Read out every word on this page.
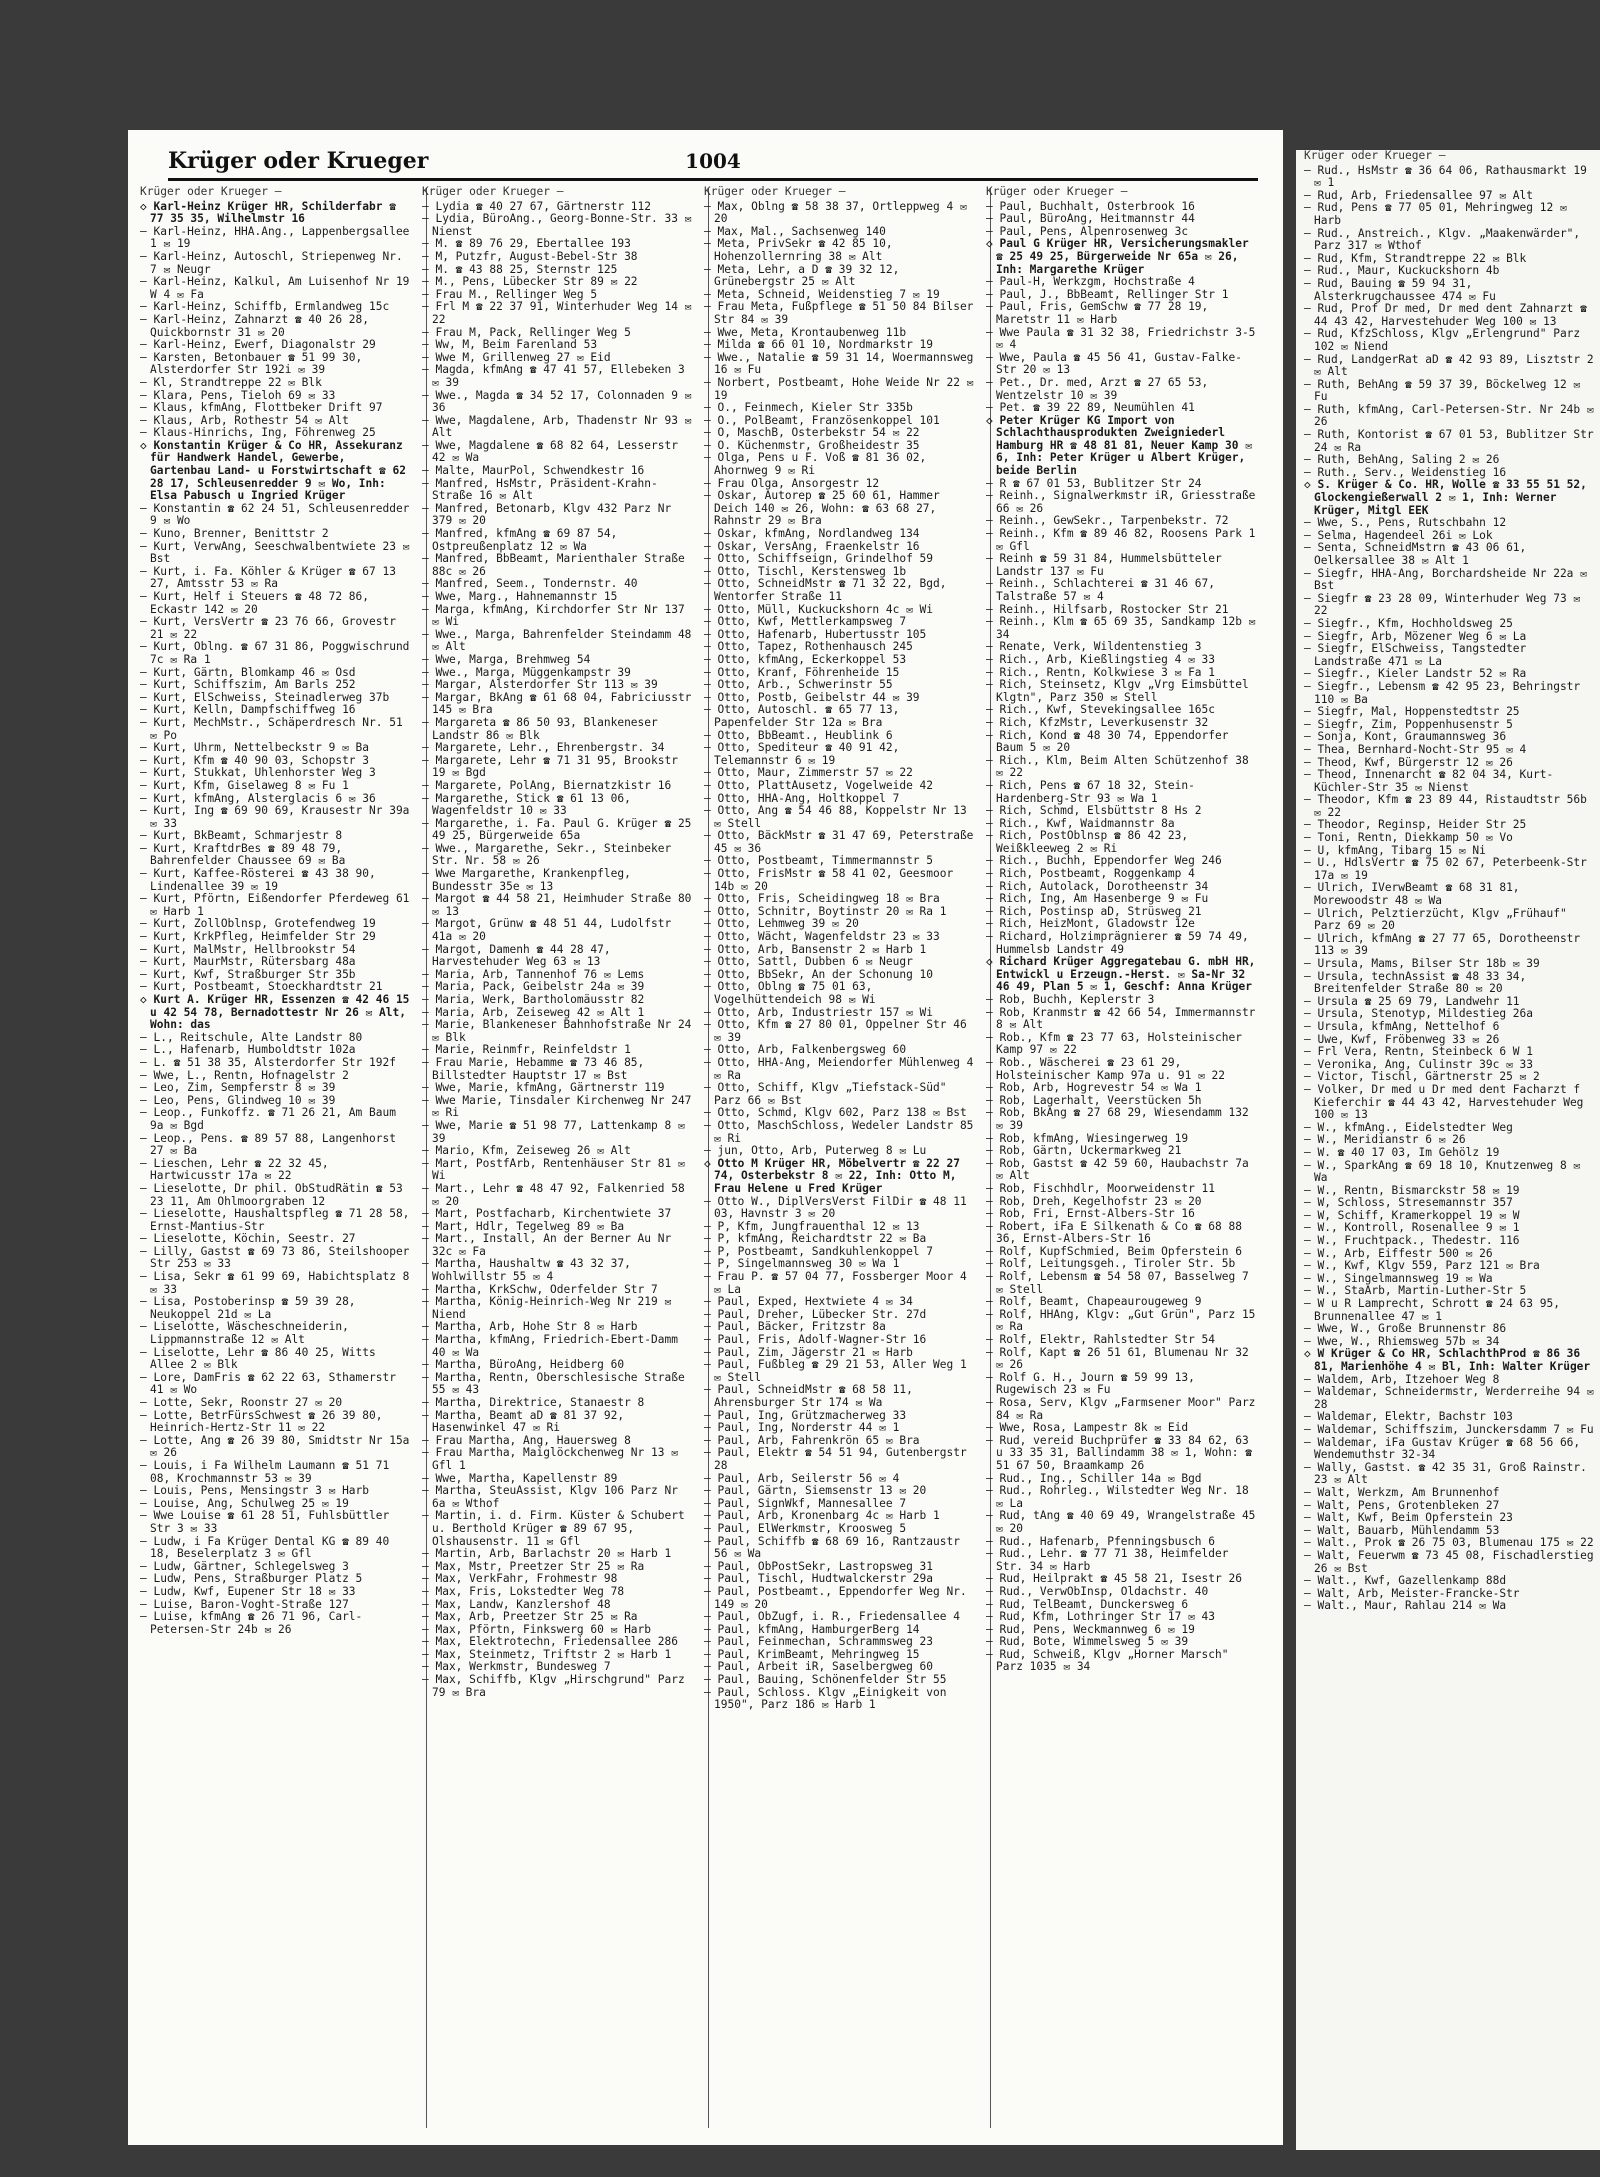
Krüger oder Krueger	1004
Krüger oder Krueger —

◇ Karl-Heinz Krüger HR, Schilderfabr ☎ 77 35 35, Wilhelmstr 16

— Karl-Heinz, HHA.Ang., Lappenbergsallee 1 ✉ 19

— Karl-Heinz, Autoschl, Striepenweg Nr. 7 ✉ Neugr

— Karl-Heinz, Kalkul, Am Luisenhof Nr 19 W 4 ✉ Fa

— Karl-Heinz, Schiffb, Ermlandweg 15c

— Karl-Heinz, Zahnarzt ☎ 40 26 28, Quickbornstr 31 ✉ 20

— Karl-Heinz, Ewerf, Diagonalstr 29

— Karsten, Betonbauer ☎ 51 99 30, Alsterdorfer Str 192i ✉ 39

— Kl, Strandtreppe 22 ✉ Blk

— Klara, Pens, Tieloh 69 ✉ 33

— Klaus, kfmAng, Flottbeker Drift 97

— Klaus, Arb, Rothestr 54 ✉ Alt

— Klaus-Hinrichs, Ing, Föhrenweg 25

◇ Konstantin Krüger & Co HR, Assekuranz für Handwerk Handel, Gewerbe, Gartenbau Land- u Forstwirtschaft ☎ 62 28 17, Schleusenredder 9 ✉ Wo, Inh: Elsa Pabusch u Ingried Krüger

— Konstantin ☎ 62 24 51, Schleusenredder 9 ✉ Wo

— Kuno, Brenner, Benittstr 2

— Kurt, VerwAng, Seeschwalbentwiete 23 ✉ Bst

— Kurt, i. Fa. Köhler & Krüger ☎ 67 13 27, Amtsstr 53 ✉ Ra

— Kurt, Helf i Steuers ☎ 48 72 86, Eckastr 142 ✉ 20

— Kurt, VersVertr ☎ 23 76 66, Grovestr 21 ✉ 22

— Kurt, Oblng. ☎ 67 31 86, Poggwischrund 7c ✉ Ra 1

— Kurt, Gärtn, Blomkamp 46 ✉ Osd

— Kurt, Schiffszim, Am Barls 252

— Kurt, ElSchweiss, Steinadlerweg 37b

— Kurt, Kelln, Dampfschiffweg 16

— Kurt, MechMstr., Schäperdresch Nr. 51 ✉ Po

— Kurt, Uhrm, Nettelbeckstr 9 ✉ Ba

— Kurt, Kfm ☎ 40 90 03, Schopstr 3

— Kurt, Stukkat, Uhlenhorster Weg 3

— Kurt, Kfm, Giselaweg 8 ✉ Fu 1

— Kurt, kfmAng, Alsterglacis 6 ✉ 36

— Kurt, Ing ☎ 69 90 69, Krausestr Nr 39a ✉ 33

— Kurt, BkBeamt, Schmarjestr 8

— Kurt, KraftdrBes ☎ 89 48 79, Bahrenfelder Chaussee 69 ✉ Ba

— Kurt, Kaffee-Rösterei ☎ 43 38 90, Lindenallee 39 ✉ 19

— Kurt, Pförtn, Eißendorfer Pferdeweg 61 ✉ Harb 1

— Kurt, ZollOblnsp, Grotefendweg 19

— Kurt, KrkPfleg, Heimfelder Str 29

— Kurt, MalMstr, Hellbrookstr 54

— Kurt, MaurMstr, Rütersbarg 48a

— Kurt, Kwf, Straßburger Str 35b

— Kurt, Postbeamt, Stoeckhardtstr 21

◇ Kurt A. Krüger HR, Essenzen ☎ 42 46 15 u 42 54 78, Bernadottestr Nr 26 ✉ Alt, Wohn: das

— L., Reitschule, Alte Landstr 80

— L., Hafenarb, Humboldtstr 102a

— L. ☎ 51 38 35, Alsterdorfer Str 192f

— Wwe, L., Rentn, Hofnagelstr 2

— Leo, Zim, Sempferstr 8 ✉ 39

— Leo, Pens, Glindweg 10 ✉ 39

— Leop., Funkoffz. ☎ 71 26 21, Am Baum 9a ✉ Bgd

— Leop., Pens. ☎ 89 57 88, Langenhorst 27 ✉ Ba

— Lieschen, Lehr ☎ 22 32 45, Hartwicusstr 17a ✉ 22

— Lieselotte, Dr phil. ObStudRätin ☎ 53 23 11, Am Ohlmoorgraben 12

— Lieselotte, Haushaltspfleg ☎ 71 28 58, Ernst-Mantius-Str

— Lieselotte, Köchin, Seestr. 27

— Lilly, Gastst ☎ 69 73 86, Steilshooper Str 253 ✉ 33

— Lisa, Sekr ☎ 61 99 69, Habichtsplatz 8 ✉ 33

— Lisa, Postoberinsp ☎ 59 39 28, Neukoppel 21d ✉ La

— Liselotte, Wäscheschneiderin, Lippmannstraße 12 ✉ Alt

— Liselotte, Lehr ☎ 86 40 25, Witts Allee 2 ✉ Blk

— Lore, DamFris ☎ 62 22 63, Sthamerstr 41 ✉ Wo

— Lotte, Sekr, Roonstr 27 ✉ 20

— Lotte, BetrFürsSchwest ☎ 26 39 80, Heinrich-Hertz-Str 11 ✉ 22

— Lotte, Ang ☎ 26 39 80, Smidtstr Nr 15a ✉ 26

— Louis, i Fa Wilhelm Laumann ☎ 51 71 08, Krochmannstr 53 ✉ 39

— Louis, Pens, Mensingstr 3 ✉ Harb

— Louise, Ang, Schulweg 25 ✉ 19

— Wwe Louise ☎ 61 28 51, Fuhlsbüttler Str 3 ✉ 33

— Ludw, i Fa Krüger Dental KG ☎ 89 40 18, Beselerplatz 3 ✉ Gfl

— Ludw, Gärtner, Schlegelsweg 3

— Ludw, Pens, Straßburger Platz 5

— Ludw, Kwf, Eupener Str 18 ✉ 33

— Luise, Baron-Voght-Straße 127

— Luise, kfmAng ☎ 26 71 96, Carl-Petersen-Str 24b ✉ 26

Krüger oder Krueger —

— Lydia ☎ 40 27 67, Gärtnerstr 112

— Lydia, BüroAng., Georg-Bonne-Str. 33 ✉ Nienst

— M. ☎ 89 76 29, Ebertallee 193

— M, Putzfr, August-Bebel-Str 38

— M. ☎ 43 88 25, Sternstr 125

— M., Pens, Lübecker Str 89 ✉ 22

— Frau M., Rellinger Weg 5

— Frl M ☎ 22 37 91, Winterhuder Weg 14 ✉ 22

— Frau M, Pack, Rellinger Weg 5

— Ww, M, Beim Farenland 53

— Wwe M, Grillenweg 27 ✉ Eid

— Magda, kfmAng ☎ 47 41 57, Ellebeken 3 ✉ 39

— Wwe., Magda ☎ 34 52 17, Colonnaden 9 ✉ 36

— Wwe, Magdalene, Arb, Thadenstr Nr 93 ✉ Alt

— Wwe, Magdalene ☎ 68 82 64, Lesserstr 42 ✉ Wa

— Malte, MaurPol, Schwendkestr 16

— Manfred, HsMstr, Präsident-Krahn-Straße 16 ✉ Alt

— Manfred, Betonarb, Klgv 432 Parz Nr 379 ✉ 20

— Manfred, kfmAng ☎ 69 87 54, Ostpreußenplatz 12 ✉ Wa

— Manfred, BbBeamt, Marienthaler Straße 88c ✉ 26

— Manfred, Seem., Tondernstr. 40

— Wwe, Marg., Hahnemannstr 15

— Marga, kfmAng, Kirchdorfer Str Nr 137 ✉ Wi

— Wwe., Marga, Bahrenfelder Steindamm 48 ✉ Alt

— Wwe, Marga, Brehmweg 54

— Wwe., Marga, Müggenkampstr 39

— Margar, Alsterdorfer Str 113 ✉ 39

— Margar, BkAng ☎ 61 68 04, Fabriciusstr 145 ✉ Bra

— Margareta ☎ 86 50 93, Blankeneser Landstr 86 ✉ Blk

— Margarete, Lehr., Ehrenbergstr. 34

— Margarete, Lehr ☎ 71 31 95, Brookstr 19 ✉ Bgd

— Margarete, PolAng, Biernatzkistr 16

— Margarethe, Stick ☎ 61 13 06, Wagenfeldstr 10 ✉ 33

— Margarethe, i. Fa. Paul G. Krüger ☎ 25 49 25, Bürgerweide 65a

— Wwe., Margarethe, Sekr., Steinbeker Str. Nr. 58 ✉ 26

— Wwe Margarethe, Krankenpfleg, Bundesstr 35e ✉ 13

— Margot ☎ 44 58 21, Heimhuder Straße 80 ✉ 13

— Margot, Grünw ☎ 48 51 44, Ludolfstr 41a ✉ 20

— Margot, Damenh ☎ 44 28 47, Harvestehuder Weg 63 ✉ 13

— Maria, Arb, Tannenhof 76 ✉ Lems

— Maria, Pack, Geibelstr 24a ✉ 39

— Maria, Werk, Bartholomäusstr 82

— Maria, Arb, Zeiseweg 42 ✉ Alt 1

— Marie, Blankeneser Bahnhofstraße Nr 24 ✉ Blk

— Marie, Reinmfr, Reinfeldstr 1

— Frau Marie, Hebamme ☎ 73 46 85, Billstedter Hauptstr 17 ✉ Bst

— Wwe, Marie, kfmAng, Gärtnerstr 119

— Wwe Marie, Tinsdaler Kirchenweg Nr 247 ✉ Ri

— Wwe, Marie ☎ 51 98 77, Lattenkamp 8 ✉ 39

— Mario, Kfm, Zeiseweg 26 ✉ Alt

— Mart, PostfArb, Rentenhäuser Str 81 ✉ Wi

— Mart., Lehr ☎ 48 47 92, Falkenried 58 ✉ 20

— Mart, Postfacharb, Kirchentwiete 37

— Mart, Hdlr, Tegelweg 89 ✉ Ba

— Mart., Install, An der Berner Au Nr 32c ✉ Fa

— Martha, Haushaltw ☎ 43 32 37, Wohlwillstr 55 ✉ 4

— Martha, KrkSchw, Oderfelder Str 7

— Martha, König-Heinrich-Weg Nr 219 ✉ Niend

— Martha, Arb, Hohe Str 8 ✉ Harb

— Martha, kfmAng, Friedrich-Ebert-Damm 40 ✉ Wa

— Martha, BüroAng, Heidberg 60

— Martha, Rentn, Oberschlesische Straße 55 ✉ 43

— Martha, Direktrice, Stanaestr 8

— Martha, Beamt aD ☎ 81 37 92, Hasenwinkel 47 ✉ Ri

— Frau Martha, Ang, Hauersweg 8

— Frau Martha, Maiglöckchenweg Nr 13 ✉ Gfl 1

— Wwe, Martha, Kapellenstr 89

— Martha, SteuAssist, Klgv 106 Parz Nr 6a ✉ Wthof

— Martin, i. d. Firm. Küster & Schubert u. Berthold Krüger ☎ 89 67 95, Olshausenstr. 11 ✉ Gfl

— Martin, Arb, Barlachstr 20 ✉ Harb 1

— Max, Mstr, Preetzer Str 25 ✉ Ra

— Max, VerkFahr, Frohmestr 98

— Max, Fris, Lokstedter Weg 78

— Max, Landw, Kanzlershof 48

— Max, Arb, Preetzer Str 25 ✉ Ra

— Max, Pförtn, Finkswerg 60 ✉ Harb

— Max, Elektrotechn, Friedensallee 286

— Max, Steinmetz, Triftstr 2 ✉ Harb 1

— Max, Werkmstr, Bundesweg 7

— Max, Schiffb, Klgv „Hirschgrund" Parz 79 ✉ Bra

Krüger oder Krueger —

— Max, Oblng ☎ 58 38 37, Ortleppweg 4 ✉ 20

— Max, Mal., Sachsenweg 140

— Meta, PrivSekr ☎ 42 85 10, Hohenzollernring 38 ✉ Alt

— Meta, Lehr, a D ☎ 39 32 12, Grünebergstr 25 ✉ Alt

— Meta, Schneid, Weidenstieg 7 ✉ 19

— Frau Meta, Fußpflege ☎ 51 50 84 Bilser Str 84 ✉ 39

— Wwe, Meta, Krontaubenweg 11b

— Milda ☎ 66 01 10, Nordmarkstr 19

— Wwe., Natalie ☎ 59 31 14, Woermannsweg 16 ✉ Fu

— Norbert, Postbeamt, Hohe Weide Nr 22 ✉ 19

— O., Feinmech, Kieler Str 335b

— O., PolBeamt, Französenkoppel 101

— O, MaschB, Osterbekstr 54 ✉ 22

— O. Küchenmstr, Großheidestr 35

— Olga, Pens u F. Voß ☎ 81 36 02, Ahornweg 9 ✉ Ri

— Frau Olga, Ansorgestr 12

— Oskar, Autorep ☎ 25 60 61, Hammer Deich 140 ✉ 26, Wohn: ☎ 63 68 27, Rahnstr 29 ✉ Bra

— Oskar, kfmAng, Nordlandweg 134

— Oskar, VersAng, Fraenkelstr 16

— Otto, Schiffseign, Grindelhof 59

— Otto, Tischl, Kerstensweg 1b

— Otto, SchneidMstr ☎ 71 32 22, Bgd, Wentorfer Straße 11

— Otto, Müll, Kuckuckshorn 4c ✉ Wi

— Otto, Kwf, Mettlerkampsweg 7

— Otto, Hafenarb, Hubertusstr 105

— Otto, Tapez, Rothenhausch 245

— Otto, kfmAng, Eckerkoppel 53

— Otto, Kranf, Föhrenheide 15

— Otto, Arb., Schwerinstr 55

— Otto, Postb, Geibelstr 44 ✉ 39

— Otto, Autoschl. ☎ 65 77 13, Papenfelder Str 12a ✉ Bra

— Otto, BbBeamt., Heublink 6

— Otto, Spediteur ☎ 40 91 42, Telemannstr 6 ✉ 19

— Otto, Maur, Zimmerstr 57 ✉ 22

— Otto, PlattAusetz, Vogelweide 42

— Otto, HHA-Ang, Holtkoppel 7

— Otto, Ang ☎ 54 46 88, Koppelstr Nr 13 ✉ Stell

— Otto, BäckMstr ☎ 31 47 69, Peterstraße 45 ✉ 36

— Otto, Postbeamt, Timmermannstr 5

— Otto, FrisMstr ☎ 58 41 02, Geesmoor 14b ✉ 20

— Otto, Fris, Scheidingweg 18 ✉ Bra

— Otto, Schnitr, Boytinstr 20 ✉ Ra 1

— Otto, Lehmweg 39 ✉ 20

— Otto, Wächt, Wagenfeldstr 23 ✉ 33

— Otto, Arb, Bansenstr 2 ✉ Harb 1

— Otto, Sattl, Dubben 6 ✉ Neugr

— Otto, BbSekr, An der Schonung 10

— Otto, Oblng ☎ 75 01 63, Vogelhüttendeich 98 ✉ Wi

— Otto, Arb, Industriestr 157 ✉ Wi

— Otto, Kfm ☎ 27 80 01, Oppelner Str 46 ✉ 39

— Otto, Arb, Falkenbergsweg 60

— Otto, HHA-Ang, Meiendorfer Mühlenweg 4 ✉ Ra

— Otto, Schiff, Klgv „Tiefstack-Süd" Parz 66 ✉ Bst

— Otto, Schmd, Klgv 602, Parz 138 ✉ Bst

— Otto, MaschSchloss, Wedeler Landstr 85 ✉ Ri

— jun, Otto, Arb, Puterweg 8 ✉ Lu

◇ Otto M Krüger HR, Möbelvertr ☎ 22 27 74, Osterbekstr 8 ✉ 22, Inh: Otto M, Frau Helene u Fred Krüger

— Otto W., DiplVersVerst FilDir ☎ 48 11 03, Havnstr 3 ✉ 20

— P, Kfm, Jungfrauenthal 12 ✉ 13

— P, kfmAng, Reichardtstr 22 ✉ Ba

— P, Postbeamt, Sandkuhlenkoppel 7

— P, Singelmannsweg 30 ✉ Wa 1

— Frau P. ☎ 57 04 77, Fossberger Moor 4 ✉ La

— Paul, Exped, Hextwiete 4 ✉ 34

— Paul, Dreher, Lübecker Str. 27d

— Paul, Bäcker, Fritzstr 8a

— Paul, Fris, Adolf-Wagner-Str 16

— Paul, Zim, Jägerstr 21 ✉ Harb

— Paul, Fußbleg ☎ 29 21 53, Aller Weg 1 ✉ Stell

— Paul, SchneidMstr ☎ 68 58 11, Ahrensburger Str 174 ✉ Wa

— Paul, Ing, Grützmacherweg 33

— Paul, Ing, Norderstr 44 ✉ 1

— Paul, Arb, Fahrenkrön 65 ✉ Bra

— Paul, Elektr ☎ 54 51 94, Gutenbergstr 28

— Paul, Arb, Seilerstr 56 ✉ 4

— Paul, Gärtn, Siemsenstr 13 ✉ 20

— Paul, SignWkf, Mannesallee 7

— Paul, Arb, Kronenbarg 4c ✉ Harb 1

— Paul, ElWerkmstr, Kroosweg 5

— Paul, Schiffb ☎ 68 69 16, Rantzaustr 56 ✉ Wa

— Paul, ObPostSekr, Lastropsweg 31

— Paul, Tischl, Hudtwalckerstr 29a

— Paul, Postbeamt., Eppendorfer Weg Nr. 149 ✉ 20

— Paul, ObZugf, i. R., Friedensallee 4

— Paul, kfmAng, HamburgerBerg 14

— Paul, Feinmechan, Schrammsweg 23

— Paul, KrimBeamt, Mehringweg 15

— Paul, Arbeit iR, Saselbergweg 60

— Paul, Bauing, Schönenfelder Str 55

— Paul, Schloss. Klgv „Einigkeit von 1950", Parz 186 ✉ Harb 1

Krüger oder Krueger —

— Paul, Buchhalt, Osterbrook 16

— Paul, BüroAng, Heitmannstr 44

— Paul, Pens, Alpenrosenweg 3c

◇ Paul G Krüger HR, Versicherungsmakler ☎ 25 49 25, Bürgerweide Nr 65a ✉ 26, Inh: Margarethe Krüger

— Paul-H, Werkzgm, Hochstraße 4

— Paul, J., BbBeamt, Rellinger Str 1

— Paul, Fris, GemSchw ☎ 77 28 19, Maretstr 11 ✉ Harb

— Wwe Paula ☎ 31 32 38, Friedrichstr 3-5 ✉ 4

— Wwe, Paula ☎ 45 56 41, Gustav-Falke-Str 20 ✉ 13

— Pet., Dr. med, Arzt ☎ 27 65 53, Wentzelstr 10 ✉ 39

— Pet. ☎ 39 22 89, Neumühlen 41

◇ Peter Krüger KG Import von Schlachthausprodukten Zweigniederl Hamburg HR ☎ 48 81 81, Neuer Kamp 30 ✉ 6, Inh: Peter Krüger u Albert Krüger, beide Berlin

— R ☎ 67 01 53, Bublitzer Str 24

— Reinh., Signalwerkmstr iR, Griesstraße 66 ✉ 26

— Reinh., GewSekr., Tarpenbekstr. 72

— Reinh., Kfm ☎ 89 46 82, Roosens Park 1 ✉ Gfl

— Reinh ☎ 59 31 84, Hummelsbütteler Landstr 137 ✉ Fu

— Reinh., Schlachterei ☎ 31 46 67, Talstraße 57 ✉ 4

— Reinh., Hilfsarb, Rostocker Str 21

— Reinh., Klm ☎ 65 69 35, Sandkamp 12b ✉ 34

— Renate, Verk, Wildentenstieg 3

— Rich., Arb, Kießlingstieg 4 ✉ 33

— Rich., Rentn, Kolkwiese 3 ✉ Fa 1

— Rich, Steinsetz, Klgv „Vrg Eimsbüttel Klgtn", Parz 350 ✉ Stell

— Rich., Kwf, Stevekingsallee 165c

— Rich, KfzMstr, Leverkusenstr 32

— Rich, Kond ☎ 48 30 74, Eppendorfer Baum 5 ✉ 20

— Rich., Klm, Beim Alten Schützenhof 38 ✉ 22

— Rich, Pens ☎ 67 18 32, Stein-Hardenberg-Str 93 ✉ Wa 1

— Rich, Schmd, Elsbüttstr 8 Hs 2

— Rich., Kwf, Waidmannstr 8a

— Rich, PostOblnsp ☎ 86 42 23, Weißkleeweg 2 ✉ Ri

— Rich., Buchh, Eppendorfer Weg 246

— Rich, Postbeamt, Roggenkamp 4

— Rich, Autolack, Dorotheenstr 34

— Rich, Ing, Am Hasenberge 9 ✉ Fu

— Rich, Postinsp aD, Strüsweg 21

— Rich, HeizMont, Gladowstr 12e

— Richard, Holzimprägnierer ☎ 59 74 49, Hummelsb Landstr 49

◇ Richard Krüger Aggregatebau G. mbH HR, Entwickl u Erzeugn.-Herst. ✉ Sa-Nr 32 46 49, Plan 5 ✉ 1, Geschf: Anna Krüger

— Rob, Buchh, Keplerstr 3

— Rob, Kranmstr ☎ 42 66 54, Immermannstr 8 ✉ Alt

— Rob., Kfm ☎ 23 77 63, Holsteinischer Kamp 97 ✉ 22

— Rob., Wäscherei ☎ 23 61 29, Holsteinischer Kamp 97a u. 91 ✉ 22

— Rob, Arb, Hogrevestr 54 ✉ Wa 1

— Rob, Lagerhalt, Veerstücken 5h

— Rob, BkAng ☎ 27 68 29, Wiesendamm 132 ✉ 39

— Rob, kfmAng, Wiesingerweg 19

— Rob, Gärtn, Uckermarkweg 21

— Rob, Gastst ☎ 42 59 60, Haubachstr 7a ✉ Alt

— Rob, Fischhdlr, Moorweidenstr 11

— Rob, Dreh, Kegelhofstr 23 ✉ 20

— Rob, Fri, Ernst-Albers-Str 16

— Robert, iFa E Silkenath & Co ☎ 68 88 36, Ernst-Albers-Str 16

— Rolf, KupfSchmied, Beim Opferstein 6

— Rolf, Leitungsgeh., Tiroler Str. 5b

— Rolf, Lebensm ☎ 54 58 07, Basselweg 7 ✉ Stell

— Rolf, Beamt, Chapeaurougeweg 9

— Rolf, HHAng, Klgv: „Gut Grün", Parz 15 ✉ Ra

— Rolf, Elektr, Rahlstedter Str 54

— Rolf, Kapt ☎ 26 51 61, Blumenau Nr 32 ✉ 26

— Rolf G. H., Journ ☎ 59 99 13, Rugewisch 23 ✉ Fu

— Rosa, Serv, Klgv „Farmsener Moor" Parz 84 ✉ Ra

— Wwe, Rosa, Lampestr 8k ✉ Eid

— Rud, vereid Buchprüfer ☎ 33 84 62, 63 u 33 35 31, Ballindamm 38 ✉ 1, Wohn: ☎ 51 67 50, Braamkamp 26

— Rud., Ing., Schiller 14a ✉ Bgd

— Rud., Rohrleg., Wilstedter Weg Nr. 18 ✉ La

— Rud, tAng ☎ 40 69 49, Wrangelstraße 45 ✉ 20

— Rud., Hafenarb, Pfenningsbusch 6

— Rud., Lehr. ☎ 77 71 38, Heimfelder Str. 34 ✉ Harb

— Rud, Heilprakt ☎ 45 58 21, Isestr 26

— Rud., VerwObInsp, Oldachstr. 40

— Rud, TelBeamt, Dunckersweg 6

— Rud, Kfm, Lothringer Str 17 ✉ 43

— Rud, Pens, Weckmannweg 6 ✉ 19

— Rud, Bote, Wimmelsweg 5 ✉ 39

— Rud, Schweiß, Klgv „Horner Marsch" Parz 1035 ✉ 34

Krüger oder Krueger —

— Rud., HsMstr ☎ 36 64 06, Rathausmarkt 19 ✉ 1

— Rud, Arb, Friedensallee 97 ✉ Alt

— Rud, Pens ☎ 77 05 01, Mehringweg 12 ✉ Harb

— Rud., Anstreich., Klgv. „Maakenwärder", Parz 317 ✉ Wthof

— Rud, Kfm, Strandtreppe 22 ✉ Blk

— Rud., Maur, Kuckuckshorn 4b

— Rud, Bauing ☎ 59 94 31, Alsterkrugchaussee 474 ✉ Fu

— Rud, Prof Dr med, Dr med dent Zahnarzt ☎ 44 43 42, Harvestehuder Weg 100 ✉ 13

— Rud, KfzSchloss, Klgv „Erlengrund" Parz 102 ✉ Niend

— Rud, LandgerRat aD ☎ 42 93 89, Lisztstr 2 ✉ Alt

— Ruth, BehAng ☎ 59 37 39, Böckelweg 12 ✉ Fu

— Ruth, kfmAng, Carl-Petersen-Str. Nr 24b ✉ 26

— Ruth, Kontorist ☎ 67 01 53, Bublitzer Str 24 ✉ Ra

— Ruth, BehAng, Saling 2 ✉ 26

— Ruth., Serv., Weidenstieg 16

◇ S. Krüger & Co. HR, Wolle ☎ 33 55 51 52, Glockengießerwall 2 ✉ 1, Inh: Werner Krüger, Mitgl EEK

— Wwe, S., Pens, Rutschbahn 12

— Selma, Hagendeel 26i ✉ Lok

— Senta, SchneidMstrn ☎ 43 06 61, Oelkersallee 38 ✉ Alt 1

— Siegfr, HHA-Ang, Borchardsheide Nr 22a ✉ Bst

— Siegfr ☎ 23 28 09, Winterhuder Weg 73 ✉ 22

— Siegfr., Kfm, Hochholdsweg 25

— Siegfr, Arb, Mözener Weg 6 ✉ La

— Siegfr, ElSchweiss, Tangstedter Landstraße 471 ✉ La

— Siegfr., Kieler Landstr 52 ✉ Ra

— Siegfr., Lebensm ☎ 42 95 23, Behringstr 110 ✉ Ba

— Siegfr, Mal, Hoppenstedtstr 25

— Siegfr, Zim, Poppenhusenstr 5

— Sonja, Kont, Graumannsweg 36

— Thea, Bernhard-Nocht-Str 95 ✉ 4

— Theod, Kwf, Bürgerstr 12 ✉ 26

— Theod, Innenarcht ☎ 82 04 34, Kurt-Küchler-Str 35 ✉ Nienst

— Theodor, Kfm ☎ 23 89 44, Ristaudtstr 56b ✉ 22

— Theodor, Reginsp, Heider Str 25

— Toni, Rentn, Diekkamp 50 ✉ Vo

— U, kfmAng, Tibarg 15 ✉ Ni

— U., HdlsVertr ☎ 75 02 67, Peterbeenk-Str 17a ✉ 19

— Ulrich, IVerwBeamt ☎ 68 31 81, Morewoodstr 48 ✉ Wa

— Ulrich, Pelztierzücht, Klgv „Frühauf" Parz 69 ✉ 20

— Ulrich, kfmAng ☎ 27 77 65, Dorotheenstr 113 ✉ 39

— Ursula, Mams, Bilser Str 18b ✉ 39

— Ursula, technAssist ☎ 48 33 34, Breitenfelder Straße 80 ✉ 20

— Ursula ☎ 25 69 79, Landwehr 11

— Ursula, Stenotyp, Mildestieg 26a

— Ursula, kfmAng, Nettelhof 6

— Uwe, Kwf, Fröbenweg 33 ✉ 26

— Frl Vera, Rentn, Steinbeck 6 W 1

— Veronika, Ang, Culinstr 39c ✉ 33

— Victor, Tischl, Gärtnerstr 25 ✉ 2

— Volker, Dr med u Dr med dent Facharzt f Kieferchir ☎ 44 43 42, Harvestehuder Weg 100 ✉ 13

— W., kfmAng., Eidelstedter Weg

— W., Meridianstr 6 ✉ 26

— W. ☎ 40 17 03, Im Gehölz 19

— W., SparkAng ☎ 69 18 10, Knutzenweg 8 ✉ Wa

— W., Rentn, Bismarckstr 58 ✉ 19

— W, Schloss, Stresemannstr 357

— W, Schiff, Kramerkoppel 19 ✉ W

— W., Kontroll, Rosenallee 9 ✉ 1

— W., Fruchtpack., Thedestr. 116

— W., Arb, Eiffestr 500 ✉ 26

— W., Kwf, Klgv 559, Parz 121 ✉ Bra

— W., Singelmannsweg 19 ✉ Wa

— W., StaArb, Martin-Luther-Str 5

— W u R Lamprecht, Schrott ☎ 24 63 95, Brunnenallee 47 ✉ 1

— Wwe, W., Große Brunnenstr 86

— Wwe, W., Rhiemsweg 57b ✉ 34

◇ W Krüger & Co HR, SchlachthProd ☎ 86 36 81, Marienhöhe 4 ✉ Bl, Inh: Walter Krüger

— Waldem, Arb, Itzehoer Weg 8

— Waldemar, Schneidermstr, Werderreihe 94 ✉ 28

— Waldemar, Elektr, Bachstr 103

— Waldemar, Schiffszim, Junckersdamm 7 ✉ Fu

— Waldemar, iFa Gustav Krüger ☎ 68 56 66, Wendemuthstr 32-34

— Wally, Gastst. ☎ 42 35 31, Groß Rainstr. 23 ✉ Alt

— Walt, Werkzm, Am Brunnenhof

— Walt, Pens, Grotenbleken 27

— Walt, Kwf, Beim Opferstein 23

— Walt, Bauarb, Mühlendamm 53

— Walt., Prok ☎ 26 75 03, Blumenau 175 ✉ 22

— Walt, Feuerwm ☎ 73 45 08, Fischadlerstieg 26 ✉ Bst

— Walt., Kwf, Gazellenkamp 88d

— Walt, Arb, Meister-Francke-Str

— Walt., Maur, Rahlau 214 ✉ Wa
